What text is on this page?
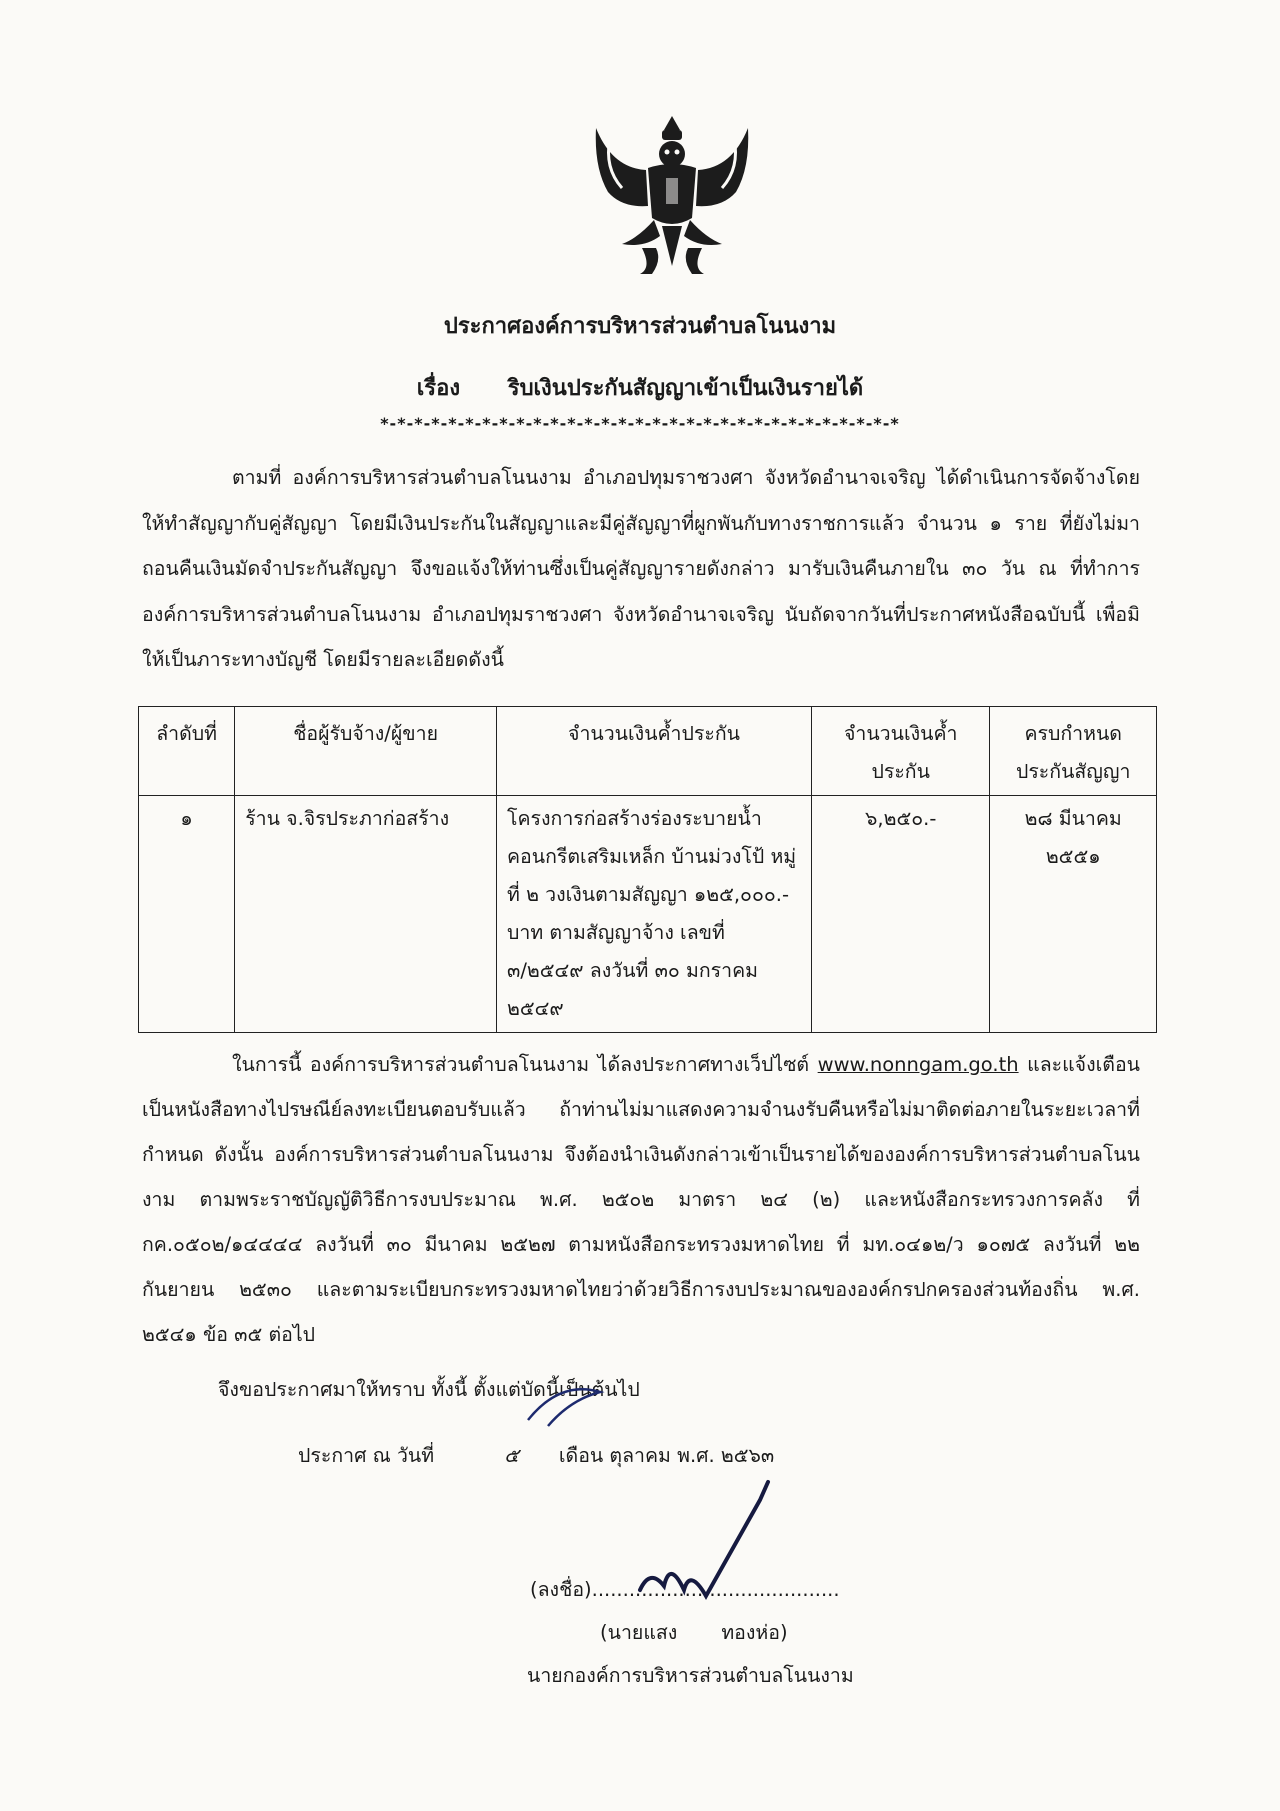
ประกาศองค์การบริหารส่วนตำบลโนนงาม
เรื่อง ริบเงินประกันสัญญาเข้าเป็นเงินรายได้
*-*-*-*-*-*-*-*-*-*-*-*-*-*-*-*-*-*-*-*-*-*-*-*-*-*-*-*-*-*-*
ตามที่ องค์การบริหารส่วนตำบลโนนงาม อำเภอปทุมราชวงศา จังหวัดอำนาจเจริญ ได้ดำเนินการจัดจ้างโดยให้ทำสัญญากับคู่สัญญา โดยมีเงินประกันในสัญญาและมีคู่สัญญาที่ผูกพันกับทางราชการแล้ว จำนวน ๑ ราย ที่ยังไม่มาถอนคืนเงินมัดจำประกันสัญญา จึงขอแจ้งให้ท่านซึ่งเป็นคู่สัญญารายดังกล่าว มารับเงินคืนภายใน ๓๐ วัน ณ ที่ทำการองค์การบริหารส่วนตำบลโนนงาม อำเภอปทุมราชวงศา จังหวัดอำนาจเจริญ นับถัดจากวันที่ประกาศหนังสือฉบับนี้ เพื่อมิให้เป็นภาระทางบัญชี โดยมีรายละเอียดดังนี้
ลำดับที่	ชื่อผู้รับจ้าง/ผู้ขาย	จำนวนเงินค้ำประกัน	จำนวนเงินค้ำประกัน	ครบกำหนดประกันสัญญา
๑	ร้าน จ.จิรประภาก่อสร้าง	โครงการก่อสร้างร่องระบายน้ำคอนกรีตเสริมเหล็ก บ้านม่วงโป้ หมู่ที่ ๒ วงเงินตามสัญญา ๑๒๕,๐๐๐.-บาท ตามสัญญาจ้าง เลขที่ ๓/๒๕๔๙ ลงวันที่ ๓๐ มกราคม ๒๕๔๙	๖,๒๕๐.-	๒๘ มีนาคม ๒๕๕๑
ในการนี้ องค์การบริหารส่วนตำบลโนนงาม ได้ลงประกาศทางเว็ปไซต์ www.nonngam.go.th และแจ้งเตือนเป็นหนังสือทางไปรษณีย์ลงทะเบียนตอบรับแล้ว ถ้าท่านไม่มาแสดงความจำนงรับคืนหรือไม่มาติดต่อภายในระยะเวลาที่กำหนด ดังนั้น องค์การบริหารส่วนตำบลโนนงาม จึงต้องนำเงินดังกล่าวเข้าเป็นรายได้ขององค์การบริหารส่วนตำบลโนนงาม ตามพระราชบัญญัติวิธีการงบประมาณ พ.ศ. ๒๕๐๒ มาตรา ๒๔ (๒) และหนังสือกระทรวงการคลัง ที่ กค.๐๕๐๒/๑๔๔๔๔ ลงวันที่ ๓๐ มีนาคม ๒๕๒๗ ตามหนังสือกระทรวงมหาดไทย ที่ มท.๐๔๑๒/ว ๑๐๗๕ ลงวันที่ ๒๒ กันยายน ๒๕๓๐ และตามระเบียบกระทรวงมหาดไทยว่าด้วยวิธีการงบประมาณขององค์กรปกครองส่วนท้องถิ่น พ.ศ. ๒๕๔๑ ข้อ ๓๕ ต่อไป
จึงขอประกาศมาให้ทราบ ทั้งนี้ ตั้งแต่บัดนี้เป็นต้นไป
ประกาศ ณ วันที่	๕ เดือน ตุลาคม พ.ศ. ๒๕๖๓
(ลงชื่อ)........................................
(นายแสง ทองห่อ)
นายกองค์การบริหารส่วนตำบลโนนงาม
